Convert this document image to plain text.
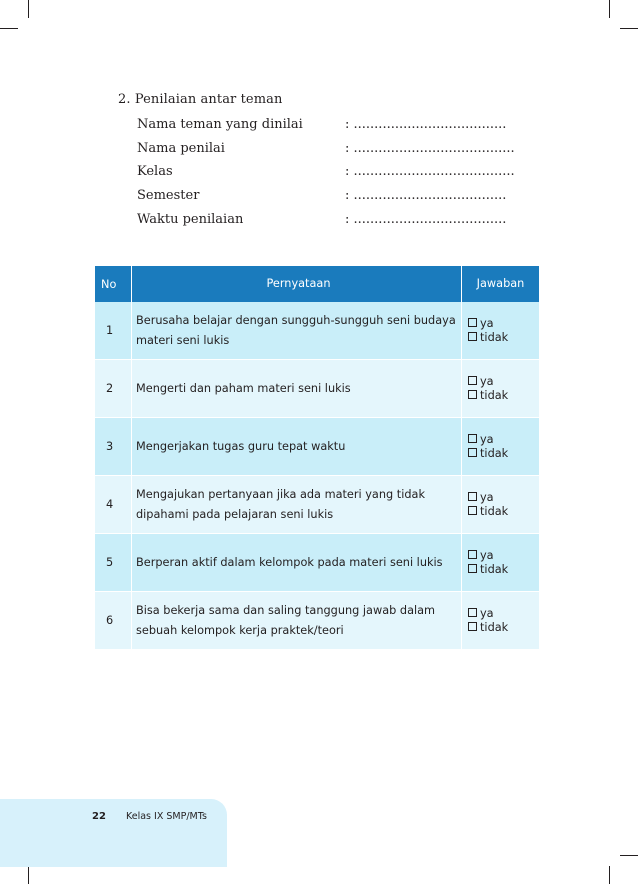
2. Penilaian antar teman
Nama teman yang dinilai	: .....................................
Nama penilai	: .......................................
Kelas	: .......................................
Semester	: .....................................
Waktu penilaian	: .....................................
No	Pernyataan	Jawaban
1	Berusaha belajar dengan sungguh-sungguh seni budaya materi seni lukis	ya
tidak

2	Mengerti dan paham materi seni lukis	ya
tidak

3	Mengerjakan tugas guru tepat waktu	ya
tidak

4	Mengajukan pertanyaan jika ada materi yang tidak dipahami pada pelajaran seni lukis	ya
tidak

5	Berperan aktif dalam kelompok pada materi seni lukis	ya
tidak

6	Bisa bekerja sama dan saling tanggung jawab dalam sebuah kelompok kerja praktek/teori	ya
tidak
22 Kelas IX SMP/MTs
